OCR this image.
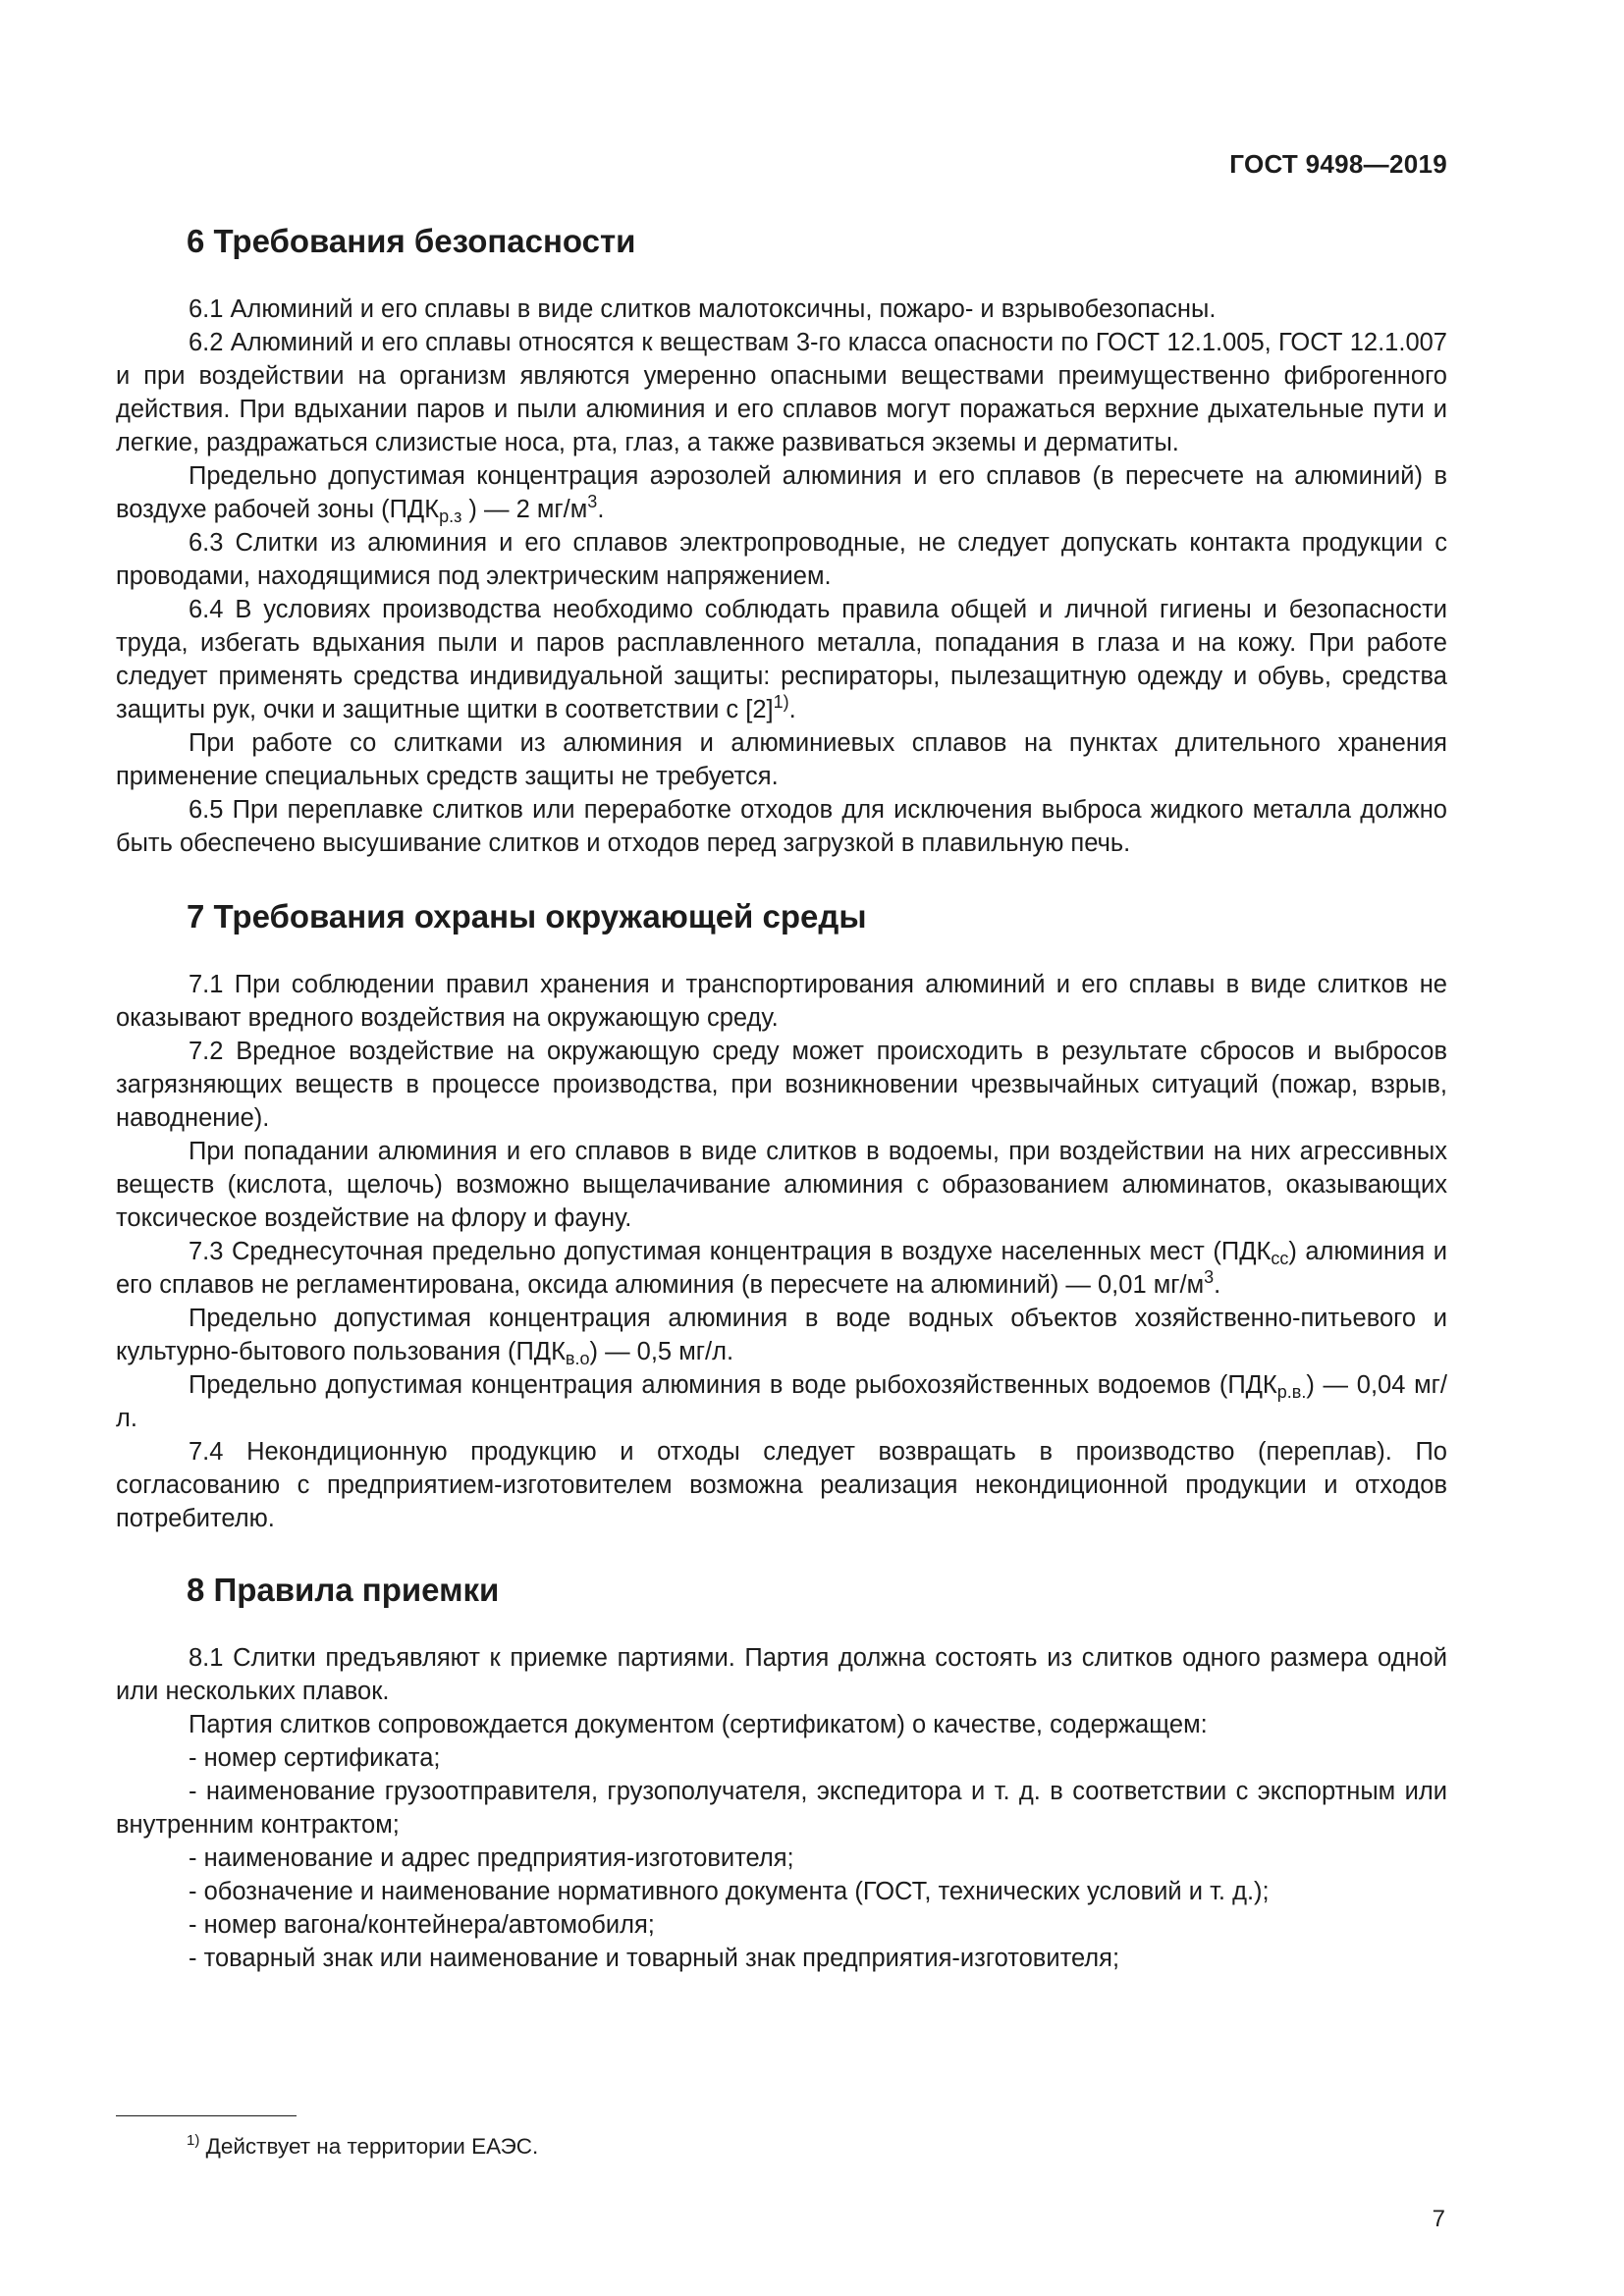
ГОСТ 9498—2019
6 Требования безопасности

6.1 Алюминий и его сплавы в виде слитков малотоксичны, пожаро- и взрывобезопасны.

6.2 Алюминий и его сплавы относятся к веществам 3-го класса опасности по ГОСТ 12.1.005, ГОСТ 12.1.007 и при воздействии на организм являются умеренно опасными веществами преимущественно фиброгенного действия. При вдыхании паров и пыли алюминия и его сплавов могут поражаться верхние дыхательные пути и легкие, раздражаться слизистые носа, рта, глаз, а также развиваться экземы и дерматиты.

Предельно допустимая концентрация аэрозолей алюминия и его сплавов (в пересчете на алюминий) в воздухе рабочей зоны ($ПДК_{р.з}$ ) — 2 $мг/м^3$.

6.3 Слитки из алюминия и его сплавов электропроводные, не следует допускать контакта продукции с проводами, находящимися под электрическим напряжением.

6.4 В условиях производства необходимо соблюдать правила общей и личной гигиены и безопасности труда, избегать вдыхания пыли и паров расплавленного металла, попадания в глаза и на кожу. При работе следует применять средства индивидуальной защиты: респираторы, пылезащитную одежду и обувь, средства защиты рук, очки и защитные щитки в соответствии с $[2]^{1)}$.

При работе со слитками из алюминия и алюминиевых сплавов на пунктах длительного хранения применение специальных средств защиты не требуется.

6.5 При переплавке слитков или переработке отходов для исключения выброса жидкого металла должно быть обеспечено высушивание слитков и отходов перед загрузкой в плавильную печь.

7 Требования охраны окружающей среды

7.1 При соблюдении правил хранения и транспортирования алюминий и его сплавы в виде слитков не оказывают вредного воздействия на окружающую среду.

7.2 Вредное воздействие на окружающую среду может происходить в результате сбросов и выбросов загрязняющих веществ в процессе производства, при возникновении чрезвычайных ситуаций (пожар, взрыв, наводнение).

При попадании алюминия и его сплавов в виде слитков в водоемы, при воздействии на них агрессивных веществ (кислота, щелочь) возможно выщелачивание алюминия с образованием алюминатов, оказывающих токсическое воздействие на флору и фауну.

7.3 Среднесуточная предельно допустимая концентрация в воздухе населенных мест $(ПДК_{сс})$ алюминия и его сплавов не регламентирована, оксида алюминия (в пересчете на алюминий) — 0,01 $мг/м^3$.

Предельно допустимая концентрация алюминия в воде водных объектов хозяйственно-питьевого и культурно-бытового пользования $(ПДК_{в.о})$ — 0,5 мг/л.

Предельно допустимая концентрация алюминия в воде рыбохозяйственных водоемов $(ПДК_{р.в.})$ — 0,04 мг/л.

7.4 Некондиционную продукцию и отходы следует возвращать в производство (переплав). По согласованию с предприятием-изготовителем возможна реализация некондиционной продукции и отходов потребителю.

8 Правила приемки

8.1 Слитки предъявляют к приемке партиями. Партия должна состоять из слитков одного размера одной или нескольких плавок.

Партия слитков сопровождается документом (сертификатом) о качестве, содержащем:

- номер сертификата;

- наименование грузоотправителя, грузополучателя, экспедитора и т. д. в соответствии с экспортным или внутренним контрактом;

- наименование и адрес предприятия-изготовителя;

- обозначение и наименование нормативного документа (ГОСТ, технических условий и т. д.);

- номер вагона/контейнера/автомобиля;

- товарный знак или наименование и товарный знак предприятия-изготовителя;

$^{1)}$ Действует на территории ЕАЭС.
7
